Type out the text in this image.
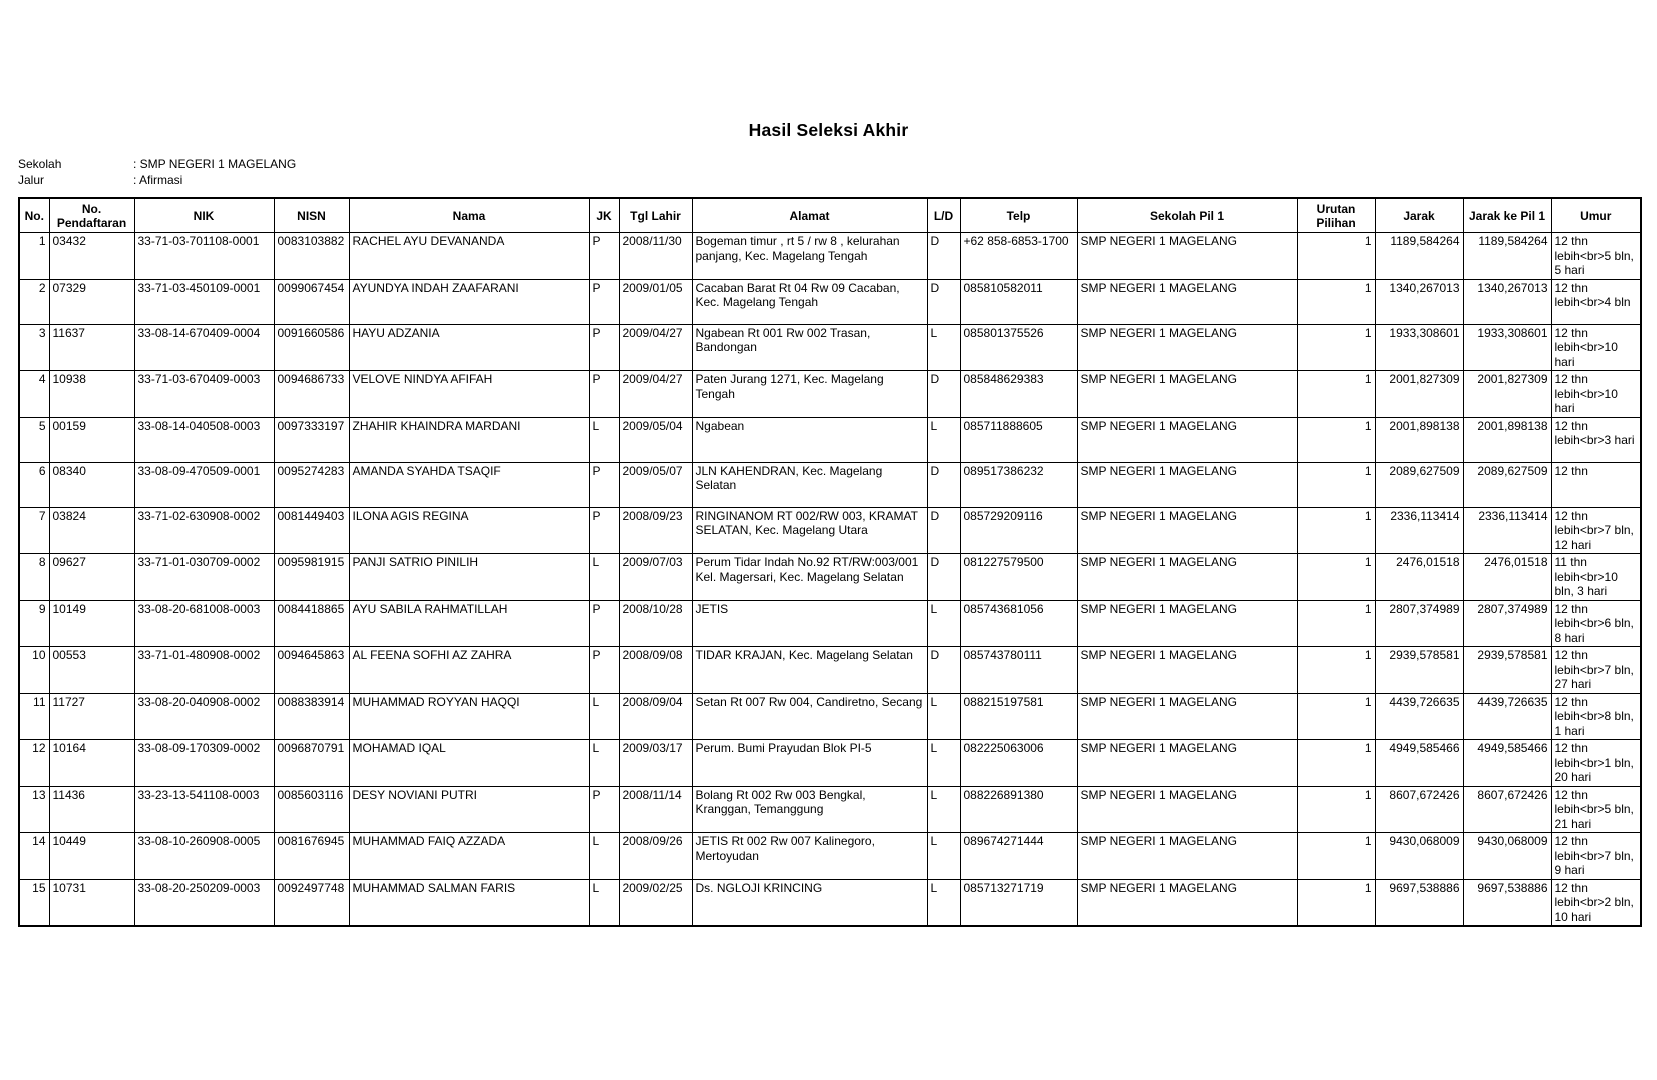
Hasil Seleksi Akhir
Sekolah	: SMP NEGERI 1 MAGELANG
Jalur	: Afirmasi
No.	No. Pendaftaran	NIK	NISN	Nama	JK	Tgl Lahir	Alamat	L/D	Telp	Sekolah Pil 1	Urutan Pilihan	Jarak	Jarak ke Pil 1	Umur
1	03432	33-71-03-701108-0001	0083103882	RACHEL AYU DEVANANDA	P	2008/11/30	Bogeman timur , rt 5 / rw 8 , kelurahan panjang, Kec. Magelang Tengah	D	+62 858-6853-1700	SMP NEGERI 1 MAGELANG	1	1189,584264	1189,584264	12 thn lebih<br>5 bln, 5 hari
2	07329	33-71-03-450109-0001	0099067454	AYUNDYA INDAH ZAAFARANI	P	2009/01/05	Cacaban Barat Rt 04 Rw 09 Cacaban, Kec. Magelang Tengah	D	085810582011	SMP NEGERI 1 MAGELANG	1	1340,267013	1340,267013	12 thn lebih<br>4 bln
3	11637	33-08-14-670409-0004	0091660586	HAYU ADZANIA	P	2009/04/27	Ngabean Rt 001 Rw 002 Trasan, Bandongan	L	085801375526	SMP NEGERI 1 MAGELANG	1	1933,308601	1933,308601	12 thn lebih<br>10 hari
4	10938	33-71-03-670409-0003	0094686733	VELOVE NINDYA AFIFAH	P	2009/04/27	Paten Jurang 1271, Kec. Magelang Tengah	D	085848629383	SMP NEGERI 1 MAGELANG	1	2001,827309	2001,827309	12 thn lebih<br>10 hari
5	00159	33-08-14-040508-0003	0097333197	ZHAHIR KHAINDRA MARDANI	L	2009/05/04	Ngabean	L	085711888605	SMP NEGERI 1 MAGELANG	1	2001,898138	2001,898138	12 thn lebih<br>3 hari
6	08340	33-08-09-470509-0001	0095274283	AMANDA SYAHDA TSAQIF	P	2009/05/07	JLN KAHENDRAN, Kec. Magelang Selatan	D	089517386232	SMP NEGERI 1 MAGELANG	1	2089,627509	2089,627509	12 thn
7	03824	33-71-02-630908-0002	0081449403	ILONA AGIS REGINA	P	2008/09/23	RINGINANOM RT 002/RW 003, KRAMAT SELATAN, Kec. Magelang Utara	D	085729209116	SMP NEGERI 1 MAGELANG	1	2336,113414	2336,113414	12 thn lebih<br>7 bln, 12 hari
8	09627	33-71-01-030709-0002	0095981915	PANJI SATRIO PINILIH	L	2009/07/03	Perum Tidar Indah No.92 RT/RW:003/001 Kel. Magersari, Kec. Magelang Selatan	D	081227579500	SMP NEGERI 1 MAGELANG	1	2476,01518	2476,01518	11 thn lebih<br>10 bln, 3 hari
9	10149	33-08-20-681008-0003	0084418865	AYU SABILA RAHMATILLAH	P	2008/10/28	JETIS	L	085743681056	SMP NEGERI 1 MAGELANG	1	2807,374989	2807,374989	12 thn lebih<br>6 bln, 8 hari
10	00553	33-71-01-480908-0002	0094645863	AL FEENA SOFHI AZ ZAHRA	P	2008/09/08	TIDAR KRAJAN, Kec. Magelang Selatan	D	085743780111	SMP NEGERI 1 MAGELANG	1	2939,578581	2939,578581	12 thn lebih<br>7 bln, 27 hari
11	11727	33-08-20-040908-0002	0088383914	MUHAMMAD ROYYAN HAQQI	L	2008/09/04	Setan Rt 007 Rw 004, Candiretno, Secang	L	088215197581	SMP NEGERI 1 MAGELANG	1	4439,726635	4439,726635	12 thn lebih<br>8 bln, 1 hari
12	10164	33-08-09-170309-0002	0096870791	MOHAMAD IQAL	L	2009/03/17	Perum. Bumi Prayudan Blok PI-5	L	082225063006	SMP NEGERI 1 MAGELANG	1	4949,585466	4949,585466	12 thn lebih<br>1 bln, 20 hari
13	11436	33-23-13-541108-0003	0085603116	DESY NOVIANI PUTRI	P	2008/11/14	Bolang Rt 002 Rw 003 Bengkal, Kranggan, Temanggung	L	088226891380	SMP NEGERI 1 MAGELANG	1	8607,672426	8607,672426	12 thn lebih<br>5 bln, 21 hari
14	10449	33-08-10-260908-0005	0081676945	MUHAMMAD FAIQ AZZADA	L	2008/09/26	JETIS Rt 002 Rw 007 Kalinegoro, Mertoyudan	L	089674271444	SMP NEGERI 1 MAGELANG	1	9430,068009	9430,068009	12 thn lebih<br>7 bln, 9 hari
15	10731	33-08-20-250209-0003	0092497748	MUHAMMAD SALMAN FARIS	L	2009/02/25	Ds. NGLOJI KRINCING	L	085713271719	SMP NEGERI 1 MAGELANG	1	9697,538886	9697,538886	12 thn lebih<br>2 bln, 10 hari
